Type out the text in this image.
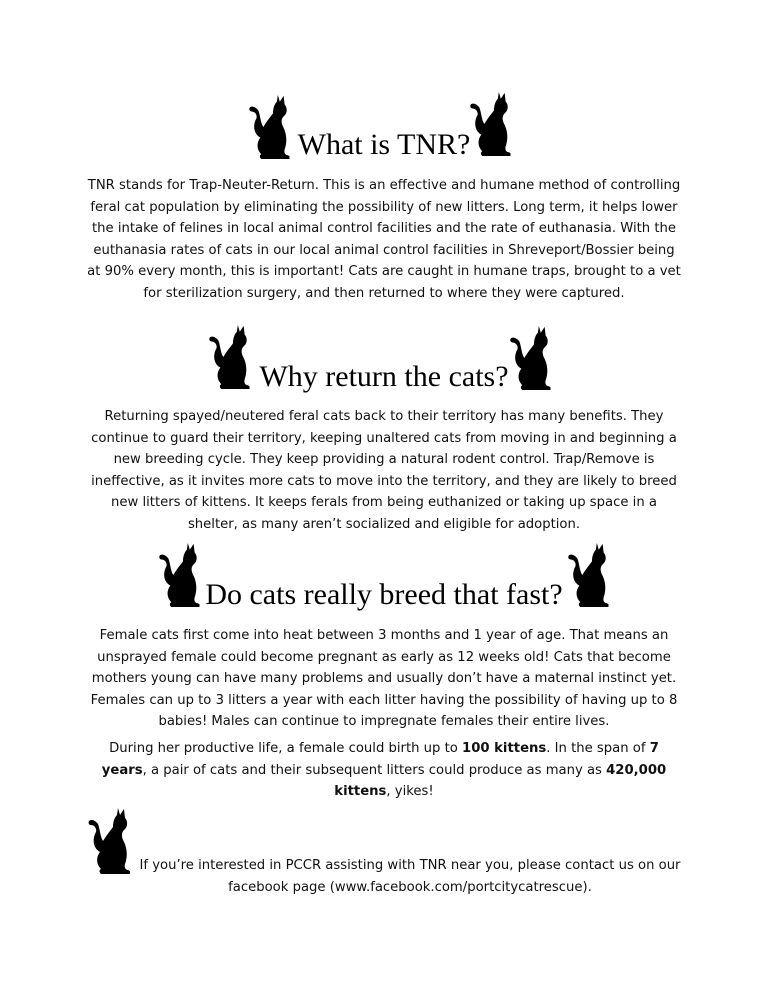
What is TNR?

TNR stands for Trap-Neuter-Return. This is an effective and humane method of controlling feral cat population by eliminating the possibility of new litters. Long term, it helps lower the intake of felines in local animal control facilities and the rate of euthanasia. With the euthanasia rates of cats in our local animal control facilities in Shreveport/Bossier being at 90% every month, this is important! Cats are caught in humane traps, brought to a vet for sterilization surgery, and then returned to where they were captured.

Why return the cats?

Returning spayed/neutered feral cats back to their territory has many benefits. They continue to guard their territory, keeping unaltered cats from moving in and beginning a new breeding cycle. They keep providing a natural rodent control. Trap/Remove is ineffective, as it invites more cats to move into the territory, and they are likely to breed new litters of kittens. It keeps ferals from being euthanized or taking up space in a shelter, as many aren’t socialized and eligible for adoption.

Do cats really breed that fast?

Female cats first come into heat between 3 months and 1 year of age. That means an unsprayed female could become pregnant as early as 12 weeks old! Cats that become mothers young can have many problems and usually don’t have a maternal instinct yet. Females can up to 3 litters a year with each litter having the possibility of having up to 8 babies! Males can continue to impregnate females their entire lives.

During her productive life, a female could birth up to 100 kittens. In the span of 7 years, a pair of cats and their subsequent litters could produce as many as 420,000 kittens, yikes!

If you’re interested in PCCR assisting with TNR near you, please contact us on our facebook page (www.facebook.com/portcitycatrescue).
